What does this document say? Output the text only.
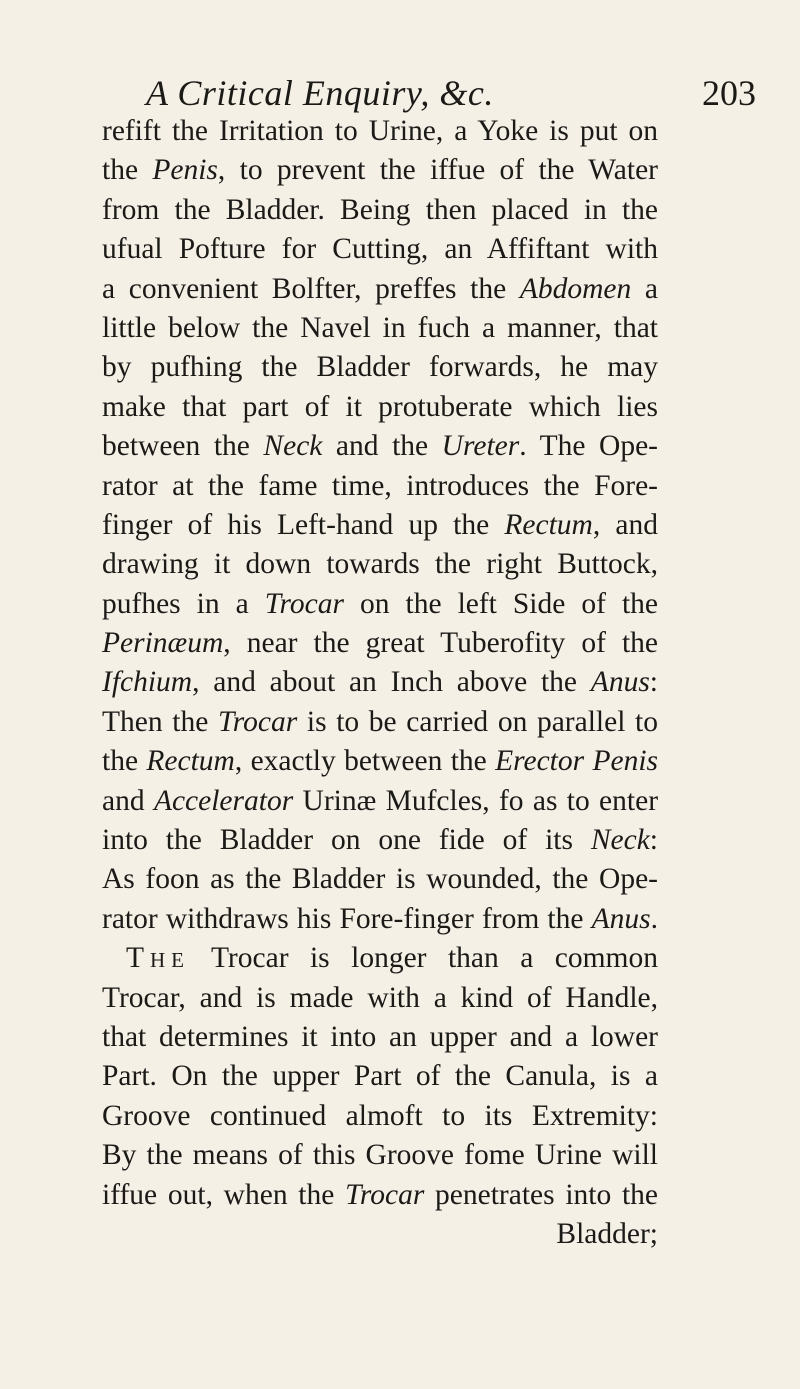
A Critical Enquiry, &c.	203
refift the Irritation to Urine, a Yoke is put on
the Penis, to prevent the iffue of the Water
from the Bladder. Being then placed in the
ufual Pofture for Cutting, an Affiftant with
a convenient Bolfter, preffes the Abdomen a
little below the Navel in fuch a manner, that
by pufhing the Bladder forwards, he may
make that part of it protuberate which lies
between the Neck and the Ureter. The Ope-
rator at the fame time, introduces the Fore-
finger of his Left-hand up the Rectum, and
drawing it down towards the right Buttock,
pufhes in a Trocar on the left Side of the
Perinæum, near the great Tuberofity of the
Ifchium, and about an Inch above the Anus:
Then the Trocar is to be carried on parallel to
the Rectum, exactly between the Erector Penis
and Accelerator Urinæ Mufcles, fo as to enter
into the Bladder on one fide of its Neck:
As foon as the Bladder is wounded, the Ope-
rator withdraws his Fore-finger from the Anus.
The Trocar is longer than a common
Trocar, and is made with a kind of Handle,
that determines it into an upper and a lower
Part. On the upper Part of the Canula, is a
Groove continued almoft to its Extremity:
By the means of this Groove fome Urine will
iffue out, when the Trocar penetrates into the
Bladder;
